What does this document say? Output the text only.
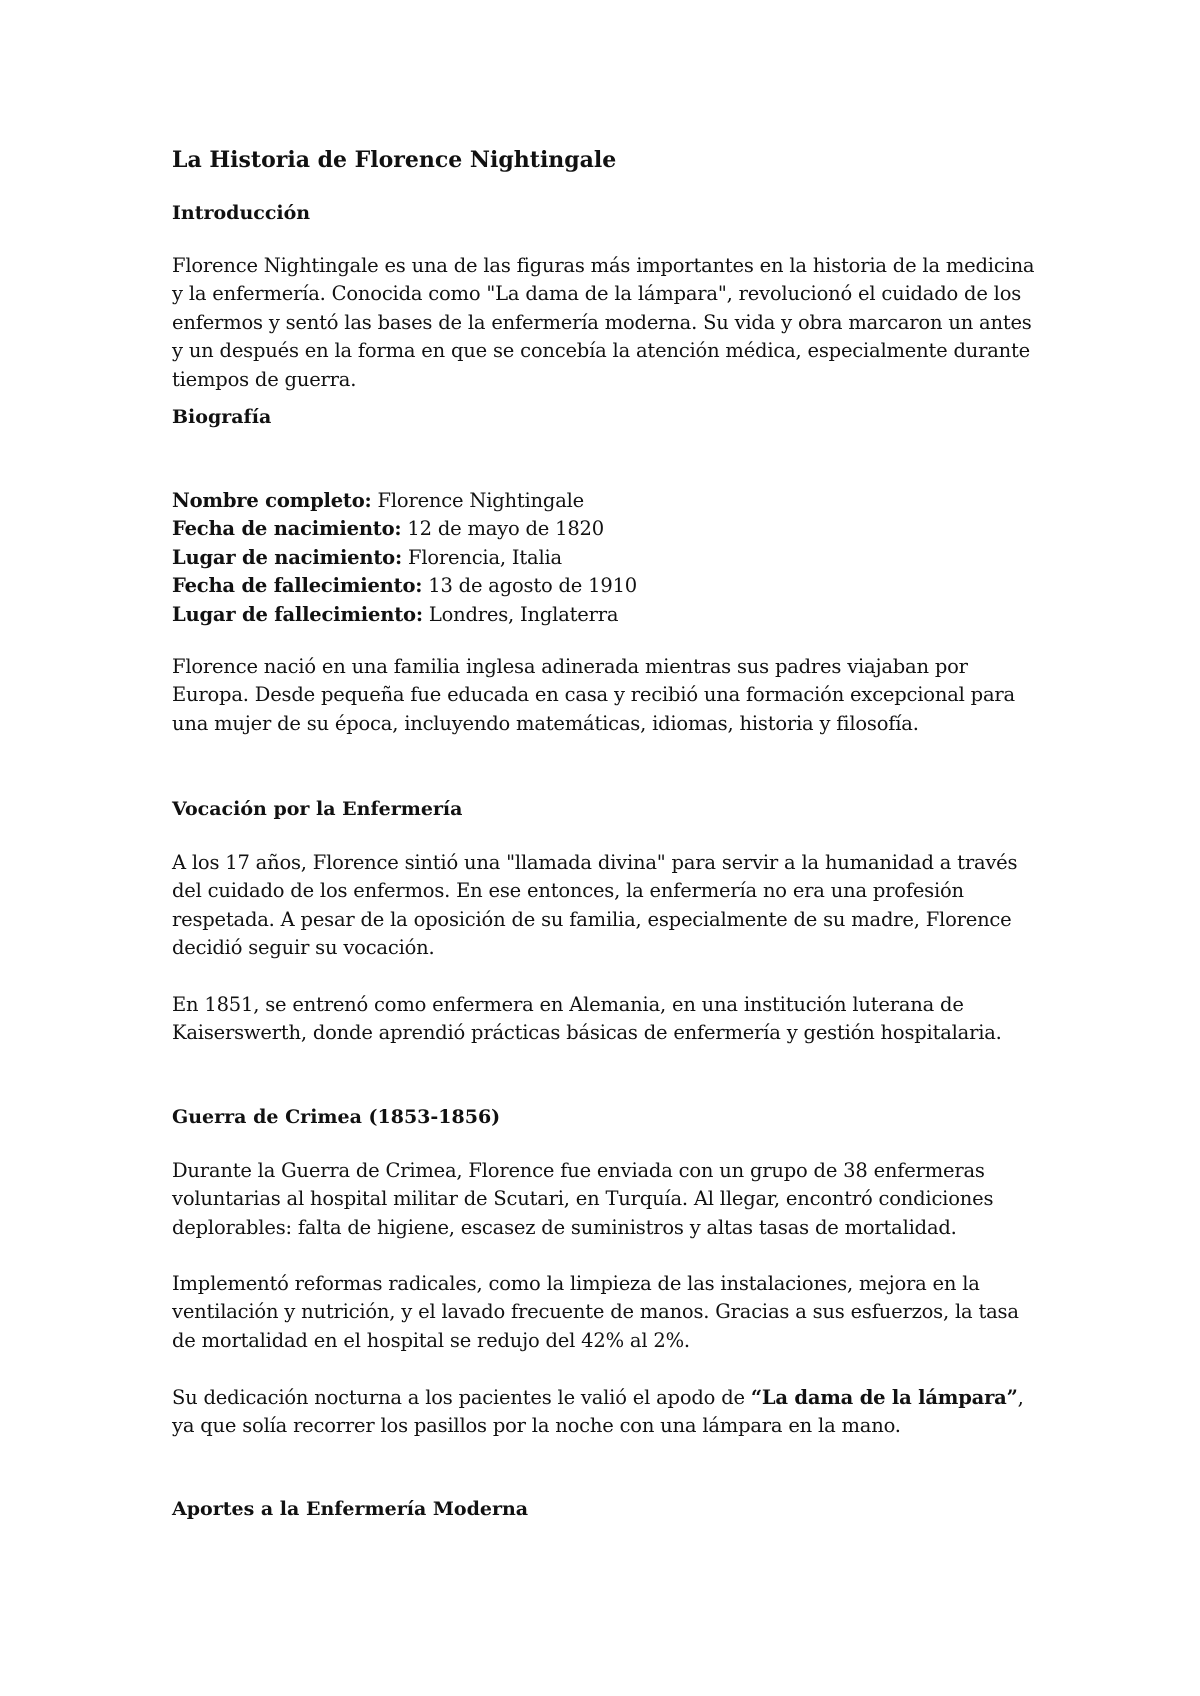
La Historia de Florence Nightingale
Introducción

Florence Nightingale es una de las figuras más importantes en la historia de la medicina y la enfermería. Conocida como "La dama de la lámpara", revolucionó el cuidado de los enfermos y sentó las bases de la enfermería moderna. Su vida y obra marcaron un antes y un después en la forma en que se concebía la atención médica, especialmente durante tiempos de guerra.

Biografía
Nombre completo: Florence Nightingale
Fecha de nacimiento: 12 de mayo de 1820
Lugar de nacimiento: Florencia, Italia
Fecha de fallecimiento: 13 de agosto de 1910
Lugar de fallecimiento: Londres, Inglaterra

Florence nació en una familia inglesa adinerada mientras sus padres viajaban por Europa. Desde pequeña fue educada en casa y recibió una formación excepcional para una mujer de su época, incluyendo matemáticas, idiomas, historia y filosofía.

Vocación por la Enfermería

A los 17 años, Florence sintió una "llamada divina" para servir a la humanidad a través del cuidado de los enfermos. En ese entonces, la enfermería no era una profesión respetada. A pesar de la oposición de su familia, especialmente de su madre, Florence decidió seguir su vocación.

En 1851, se entrenó como enfermera en Alemania, en una institución luterana de Kaiserswerth, donde aprendió prácticas básicas de enfermería y gestión hospitalaria.

Guerra de Crimea (1853-1856)

Durante la Guerra de Crimea, Florence fue enviada con un grupo de 38 enfermeras voluntarias al hospital militar de Scutari, en Turquía. Al llegar, encontró condiciones deplorables: falta de higiene, escasez de suministros y altas tasas de mortalidad.

Implementó reformas radicales, como la limpieza de las instalaciones, mejora en la ventilación y nutrición, y el lavado frecuente de manos. Gracias a sus esfuerzos, la tasa de mortalidad en el hospital se redujo del 42% al 2%.

Su dedicación nocturna a los pacientes le valió el apodo de “La dama de la lámpara”, ya que solía recorrer los pasillos por la noche con una lámpara en la mano.

Aportes a la Enfermería Moderna
